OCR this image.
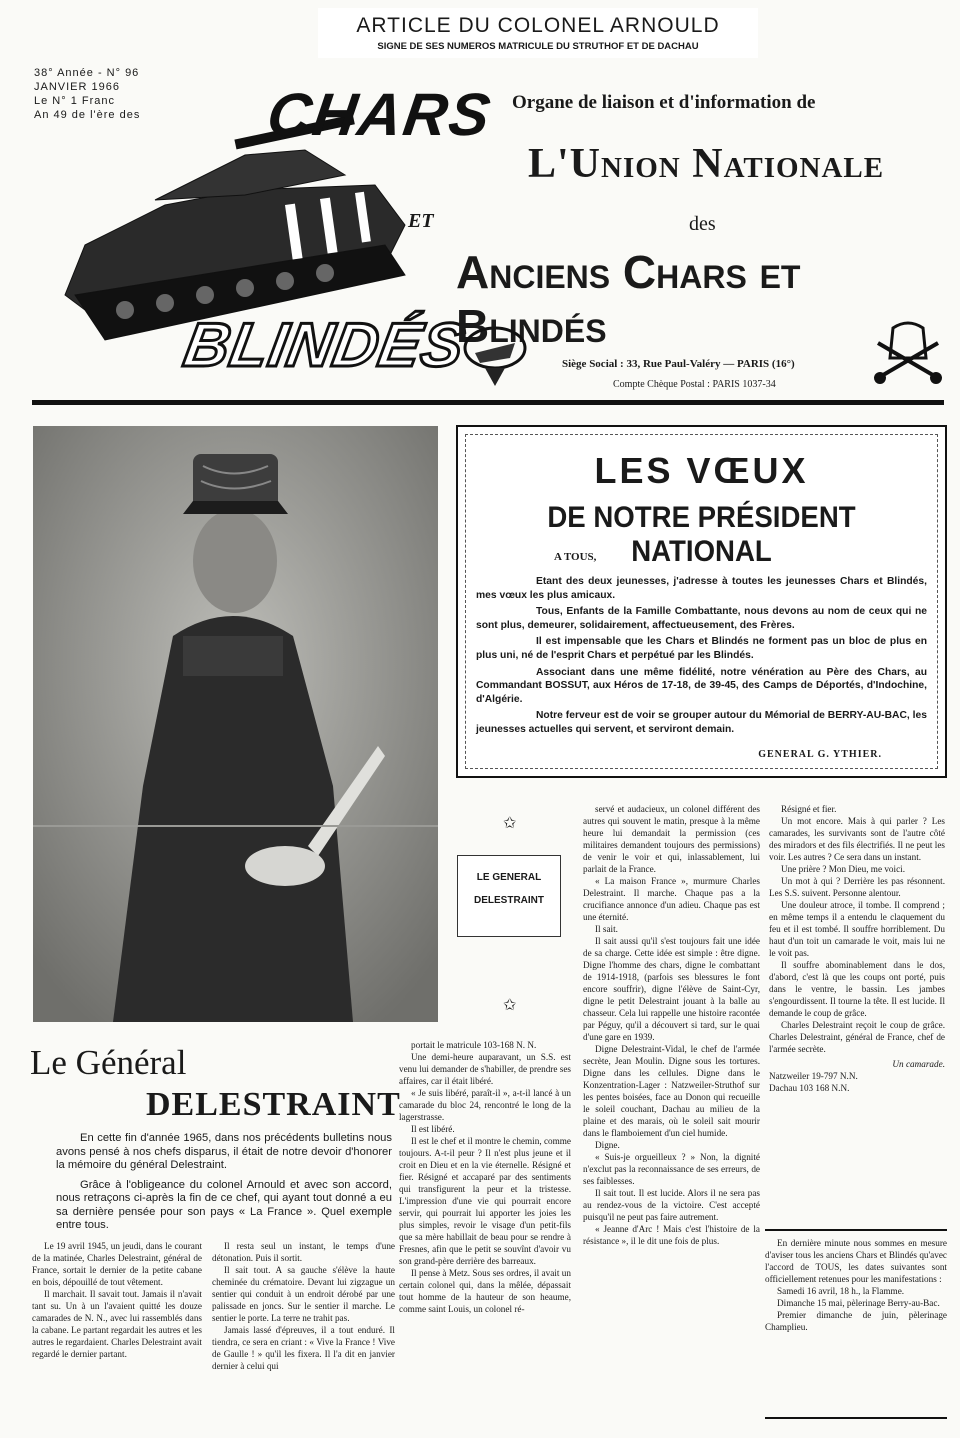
ARTICLE DU COLONEL ARNOULD
SIGNE DE SES NUMEROS MATRICULE DU STRUTHOF ET DE DACHAU
38° Année - N° 96
JANVIER 1966
Le N° 1 Franc
An 49 de l'ère des CHARS
ET
BLINDÉS
Organe de liaison et d'information de
L'Union Nationale
des
Anciens Chars et Blindés
Siège Social : 33, Rue Paul-Valéry — PARIS (16°)
Compte Chèque Postal : PARIS 1037-34
LES VŒUX
DE NOTRE PRÉSIDENT NATIONAL
A TOUS,

Etant des deux jeunesses, j'adresse à toutes les jeunesses Chars et Blindés, mes vœux les plus amicaux.

Tous, Enfants de la Famille Combattante, nous devons au nom de ceux qui ne sont plus, demeurer, solidairement, affectueusement, des Frères.

Il est impensable que les Chars et Blindés ne forment pas un bloc de plus en plus uni, né de l'esprit Chars et perpétué par les Blindés.

Associant dans une même fidélité, notre vénération au Père des Chars, au Commandant BOSSUT, aux Héros de 17-18, de 39-45, des Camps de Déportés, d'Indochine, d'Algérie.

Notre ferveur est de voir se grouper autour du Mémorial de BERRY-AU-BAC, les jeunesses actuelles qui servent, et serviront demain.

GENERAL G. YTHIER.
✩
LE GENERAL
DELESTRAINT
✩
Le Général
DELESTRAINT

En cette fin d'année 1965, dans nos précédents bulletins nous avons pensé à nos chefs disparus, il était de notre devoir d'honorer la mémoire du général Delestraint.

Grâce à l'obligeance du colonel Arnould et avec son accord, nous retraçons ci-après la fin de ce chef, qui ayant tout donné a eu sa dernière pensée pour son pays « La France ». Quel exemple entre tous.

Le 19 avril 1945, un jeudi, dans le courant de la matinée, Charles Delestraint, général de France, sortait le dernier de la petite cabane en bois, dépouillé de tout vêtement.

Il marchait. Il savait tout. Jamais il n'avait tant su. Un à un l'avaient quitté les douze camarades de N. N., avec lui rassemblés dans la cabane. Le partant regardait les autres et les autres le regardaient. Charles Delestraint avait regardé le dernier partant.

Il resta seul un instant, le temps d'une détonation. Puis il sortit.

Il sait tout. A sa gauche s'élève la haute cheminée du crématoire. Devant lui zigzague un sentier qui conduit à un endroit dérobé par une palissade en joncs. Sur le sentier il marche. Le sentier le porte. La terre ne trahit pas.

Jamais lassé d'épreuves, il a tout enduré. Il tiendra, ce sera en criant : « Vive la France ! Vive de Gaulle ! » qu'il les fixera. Il l'a dit en janvier dernier à celui qui

portait le matricule 103-168 N. N.

Une demi-heure auparavant, un S.S. est venu lui demander de s'habiller, de prendre ses affaires, car il était libéré.

« Je suis libéré, paraît-il », a-t-il lancé à un camarade du bloc 24, rencontré le long de la lagerstrasse.

Il est libéré.

Il est le chef et il montre le chemin, comme toujours. A-t-il peur ? Il n'est plus jeune et il croit en Dieu et en la vie éternelle. Résigné et fier. Résigné et accaparé par des sentiments qui transfigurent la peur et la tristesse. L'impression d'une vie qui pourrait encore servir, qui pourrait lui apporter les joies les plus simples, revoir le visage d'un petit-fils que sa mère habillait de beau pour se rendre à Fresnes, afin que le petit se souvînt d'avoir vu son grand-père derrière des barreaux.

Il pense à Metz. Sous ses ordres, il avait un certain colonel qui, dans la mêlée, dépassait tout homme de la hauteur de son heaume, comme saint Louis, un colonel ré-

servé et audacieux, un colonel différent des autres qui souvent le matin, presque à la même heure lui demandait la permission (ces militaires demandent toujours des permissions) de venir le voir et qui, inlassablement, lui parlait de la France.

« La maison France », murmure Charles Delestraint. Il marche. Chaque pas a la crucifiance annonce d'un adieu. Chaque pas est une éternité.

Il sait.

Il sait aussi qu'il s'est toujours fait une idée de sa charge. Cette idée est simple : être digne. Digne l'homme des chars, digne le combattant de 1914-1918, (parfois ses blessures le font encore souffrir), digne l'élève de Saint-Cyr, digne le petit Delestraint jouant à la balle au chasseur. Cela lui rappelle une histoire racontée par Péguy, qu'il a découvert si tard, sur le quai d'une gare en 1939.

Digne Delestraint-Vidal, le chef de l'armée secrète, Jean Moulin. Digne sous les tortures. Digne dans les cellules. Digne dans le Konzentration-Lager : Natzweiler-Struthof sur les pentes boisées, face au Donon qui recueille le soleil couchant, Dachau au milieu de la plaine et des marais, où le soleil sait mourir dans le flamboiement d'un ciel humide.

Digne.

« Suis-je orgueilleux ? » Non, la dignité n'exclut pas la reconnaissance de ses erreurs, de ses faiblesses.

Il sait tout. Il est lucide. Alors il ne sera pas au rendez-vous de la victoire. C'est accepté puisqu'il ne peut pas faire autrement.

« Jeanne d'Arc ! Mais c'est l'histoire de la résistance », il le dit une fois de plus.

Résigné et fier.

Un mot encore. Mais à qui parler ? Les camarades, les survivants sont de l'autre côté des miradors et des fils électrifiés. Il ne peut les voir. Les autres ? Ce sera dans un instant.

Une prière ? Mon Dieu, me voici.

Un mot à qui ? Derrière les pas résonnent. Les S.S. suivent. Personne alentour.

Une douleur atroce, il tombe. Il comprend ; en même temps il a entendu le claquement du feu et il est tombé. Il souffre horriblement. Du haut d'un toit un camarade le voit, mais lui ne le voit pas.

Il souffre abominablement dans le dos, d'abord, c'est là que les coups ont porté, puis dans le ventre, le bassin. Les jambes s'engourdissent. Il tourne la tête. Il est lucide. Il demande le coup de grâce.

Charles Delestraint reçoit le coup de grâce. Charles Delestraint, général de France, chef de l'armée secrète.

Un camarade.

Natzweiler 19-797 N.N.

Dachau 103 168 N.N.

En dernière minute nous sommes en mesure d'aviser tous les anciens Chars et Blindés qu'avec l'accord de TOUS, les dates suivantes sont officiellement retenues pour les manifestations :

Samedi 16 avril, 18 h., la Flamme.

Dimanche 15 mai, pèlerinage Berry-au-Bac.

Premier dimanche de juin, pèlerinage Champlieu.
